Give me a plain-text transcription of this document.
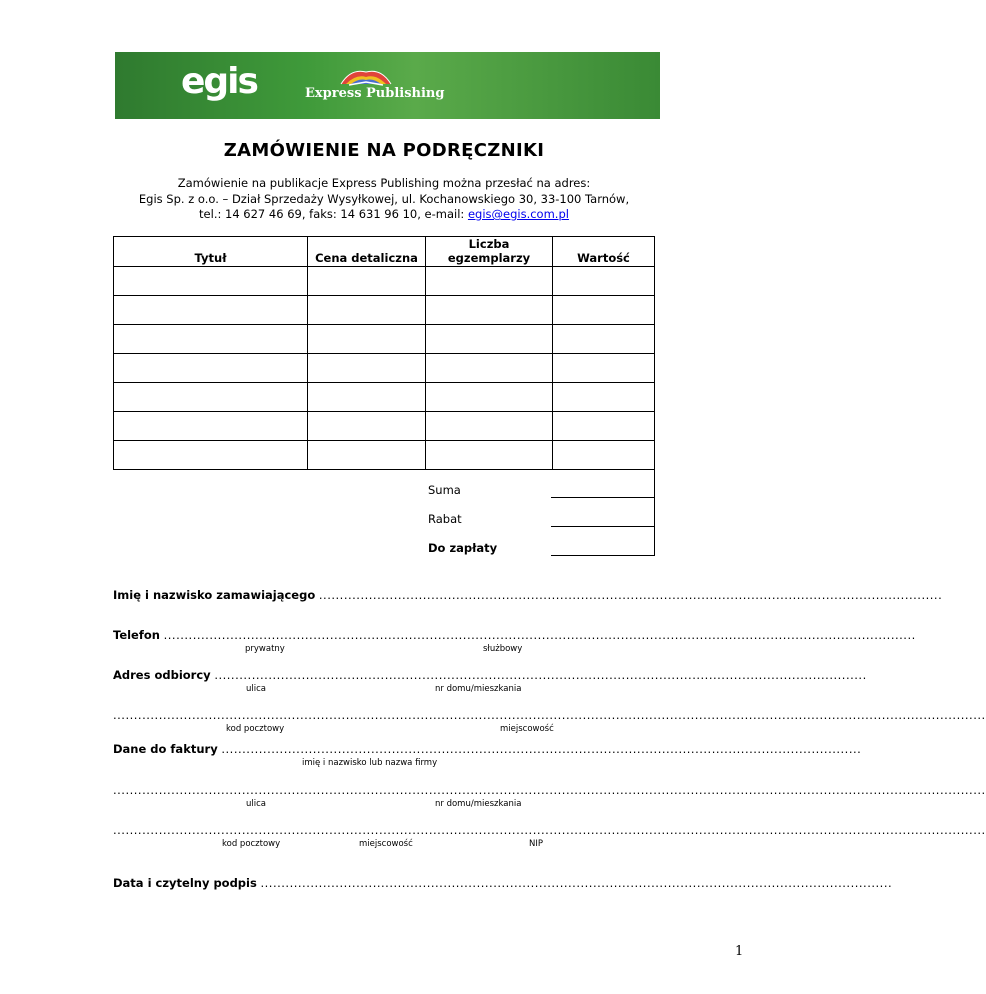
egis	Express Publishing
ZAMÓWIENIE NA PODRĘCZNIKI
Zamówienie na publikacje Express Publishing można przesłać na adres:
Egis Sp. z o.o. – Dział Sprzedaży Wysyłkowej, ul. Kochanowskiego 30, 33-100 Tarnów,
tel.: 14 627 46 69, faks: 14 631 96 10, e-mail: egis@egis.com.pl
Tytuł	Cena detaliczna	Liczba egzemplarzy	Wartość

Suma
Rabat
Do zapłaty
Imię i nazwisko zamawiającego ......................................................................................................................................................
Telefon .....................................................................................................................................................................................
prywatny	służbowy
Adres odbiorcy .............................................................................................................................................................
ulica	nr domu/mieszkania
..................................................................................................................................................................................................................
kod pocztowy	miejscowość
Dane do faktury ..........................................................................................................................................................
imię i nazwisko lub nazwa firmy
..................................................................................................................................................................................................................
ulica	nr domu/mieszkania
..................................................................................................................................................................................................................
kod pocztowy	miejscowość	NIP
Data i czytelny podpis ........................................................................................................................................................
1
